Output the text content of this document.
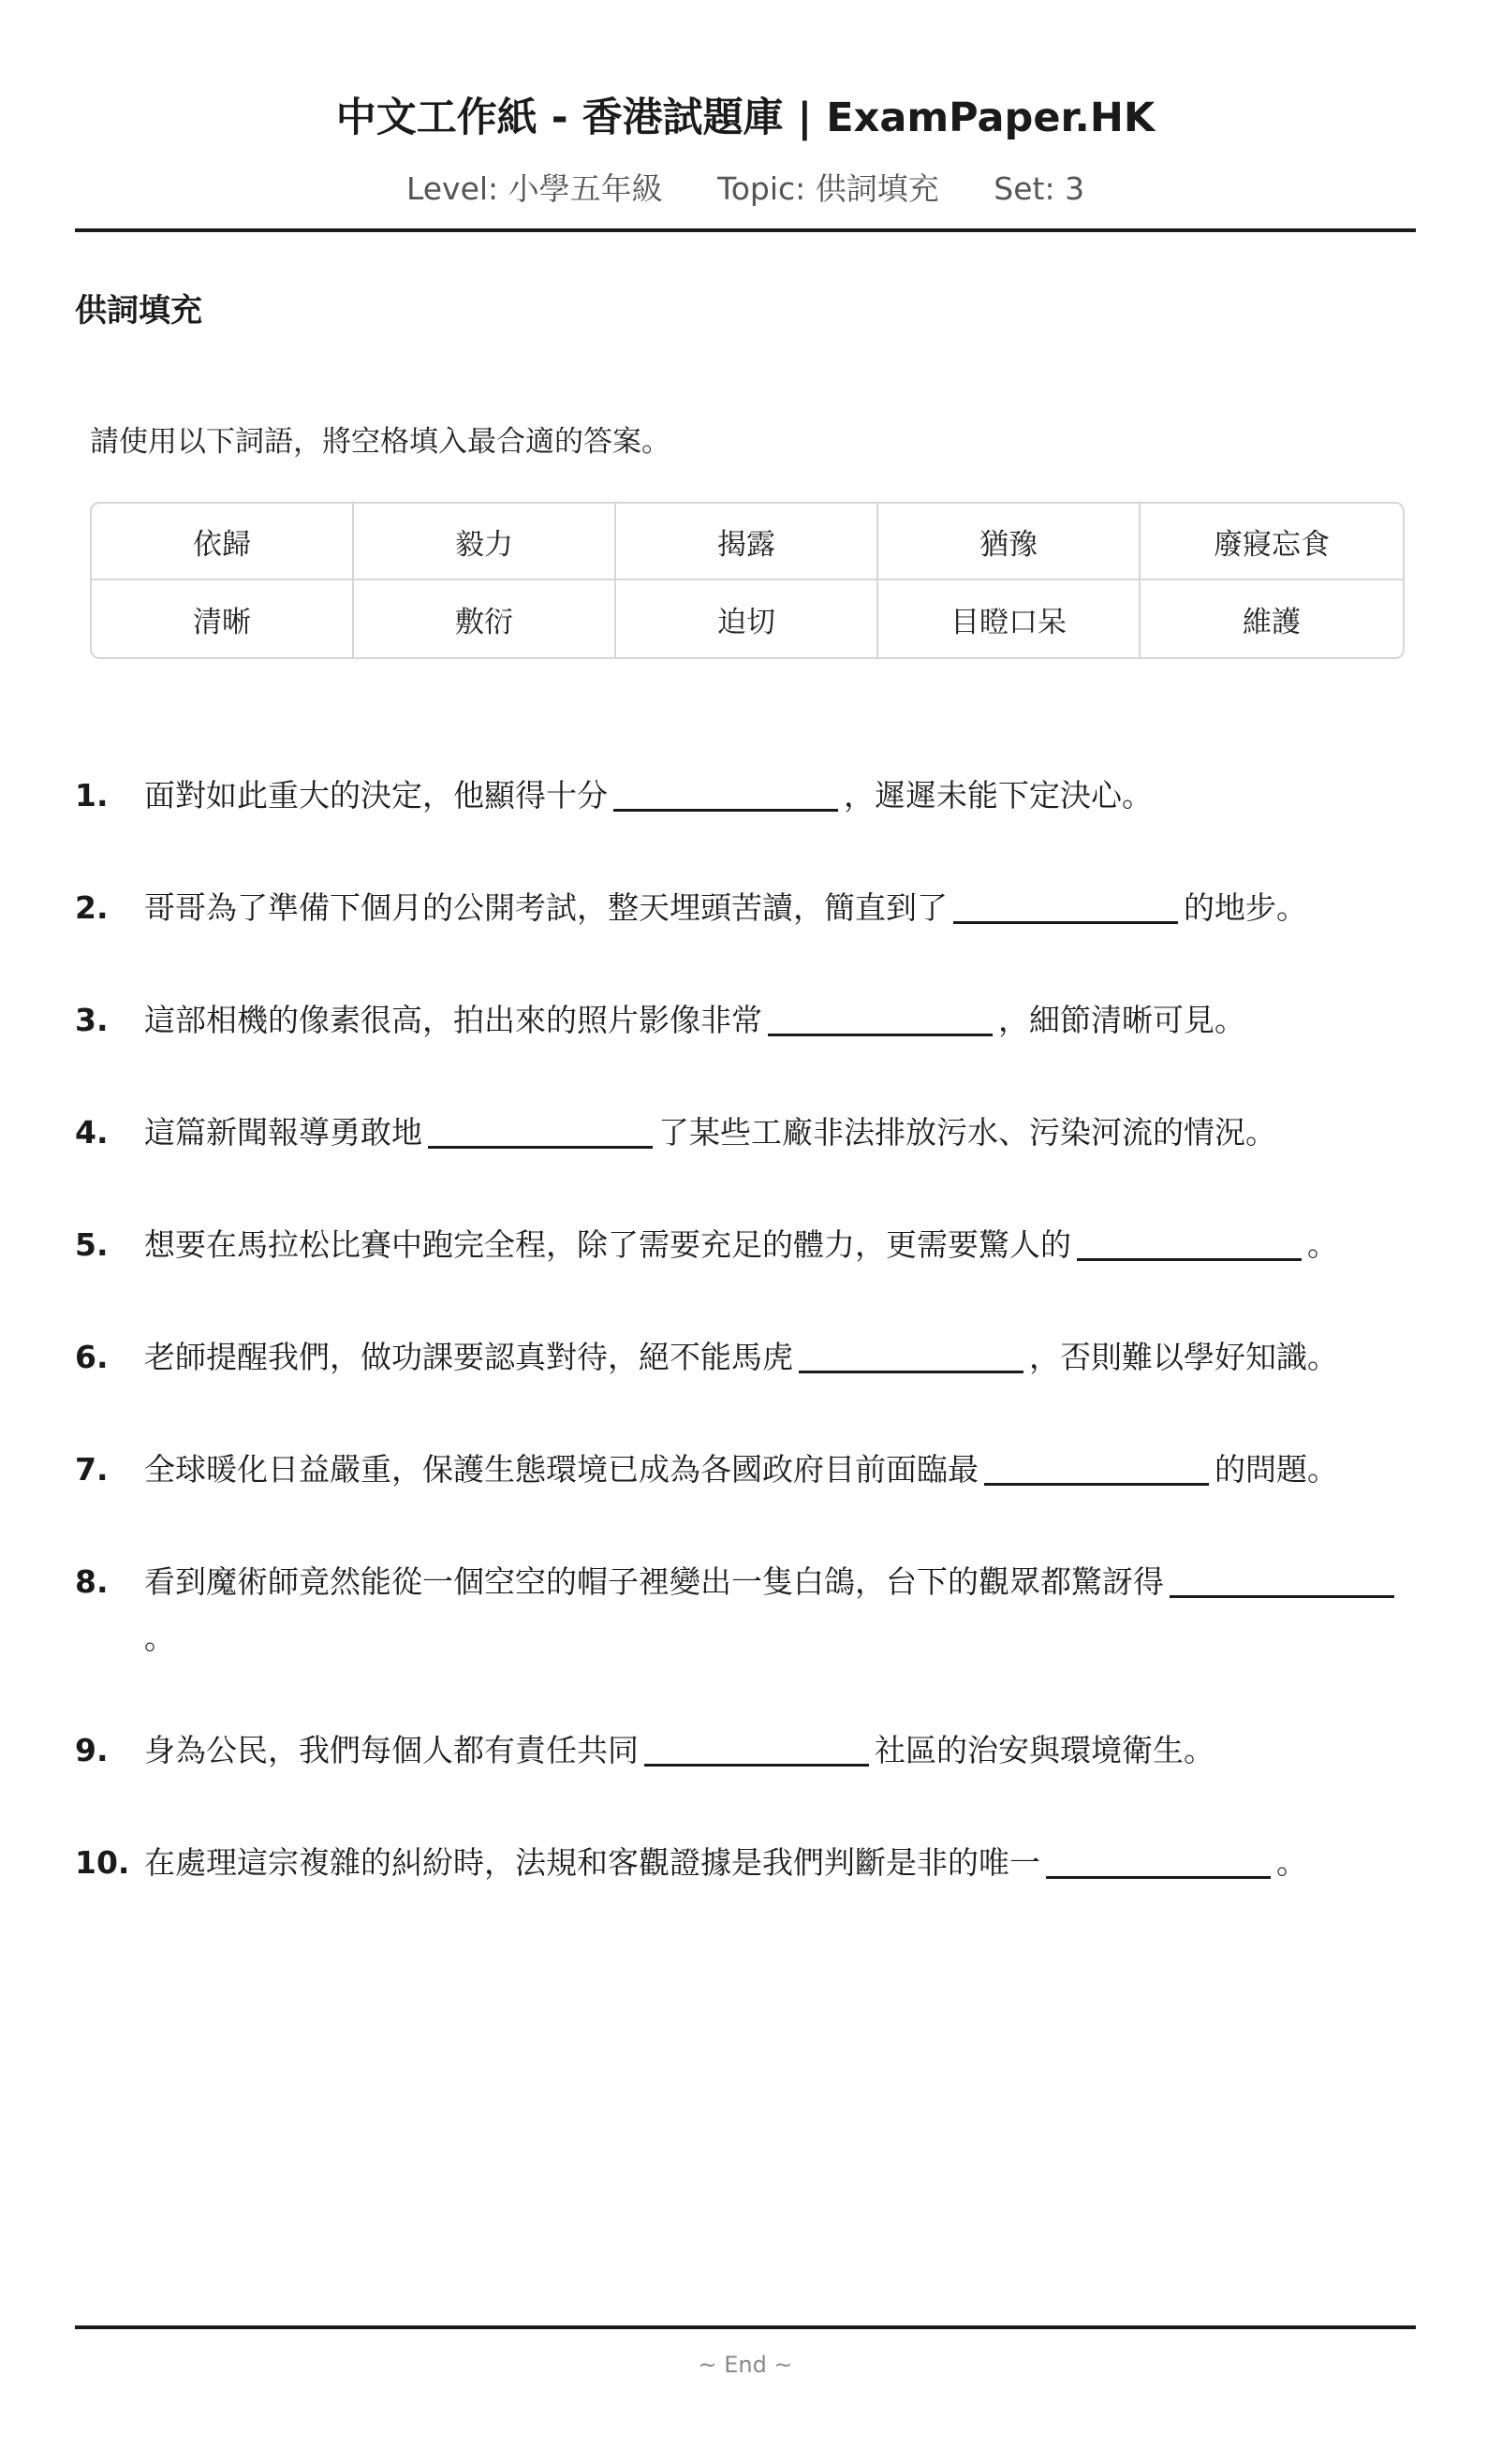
中文工作紙 - 香港試題庫 | ExamPaper.HK
Level: 小學五年級 Topic: 供詞填充 Set: 3
供詞填充
請使用以下詞語，將空格填入最合適的答案。
依歸	毅力	揭露	猶豫	廢寢忘食
清晰	敷衍	迫切	目瞪口呆	維護
1. 面對如此重大的決定，他顯得十分	，遲遲未能下定決心。
2. 哥哥為了準備下個月的公開考試，整天埋頭苦讀，簡直到了	的地步。
3. 這部相機的像素很高，拍出來的照片影像非常	，細節清晰可見。
4. 這篇新聞報導勇敢地	了某些工廠非法排放污水、污染河流的情況。
5. 想要在馬拉松比賽中跑完全程，除了需要充足的體力，更需要驚人的	。
6. 老師提醒我們，做功課要認真對待，絕不能馬虎	，否則難以學好知識。
7. 全球暖化日益嚴重，保護生態環境已成為各國政府目前面臨最	的問題。
8. 看到魔術師竟然能從一個空空的帽子裡變出一隻白鴿，台下的觀眾都驚訝得。
9. 身為公民，我們每個人都有責任共同	社區的治安與環境衛生。
10. 在處理這宗複雜的糾紛時，法規和客觀證據是我們判斷是非的唯一	。
~ End ~
